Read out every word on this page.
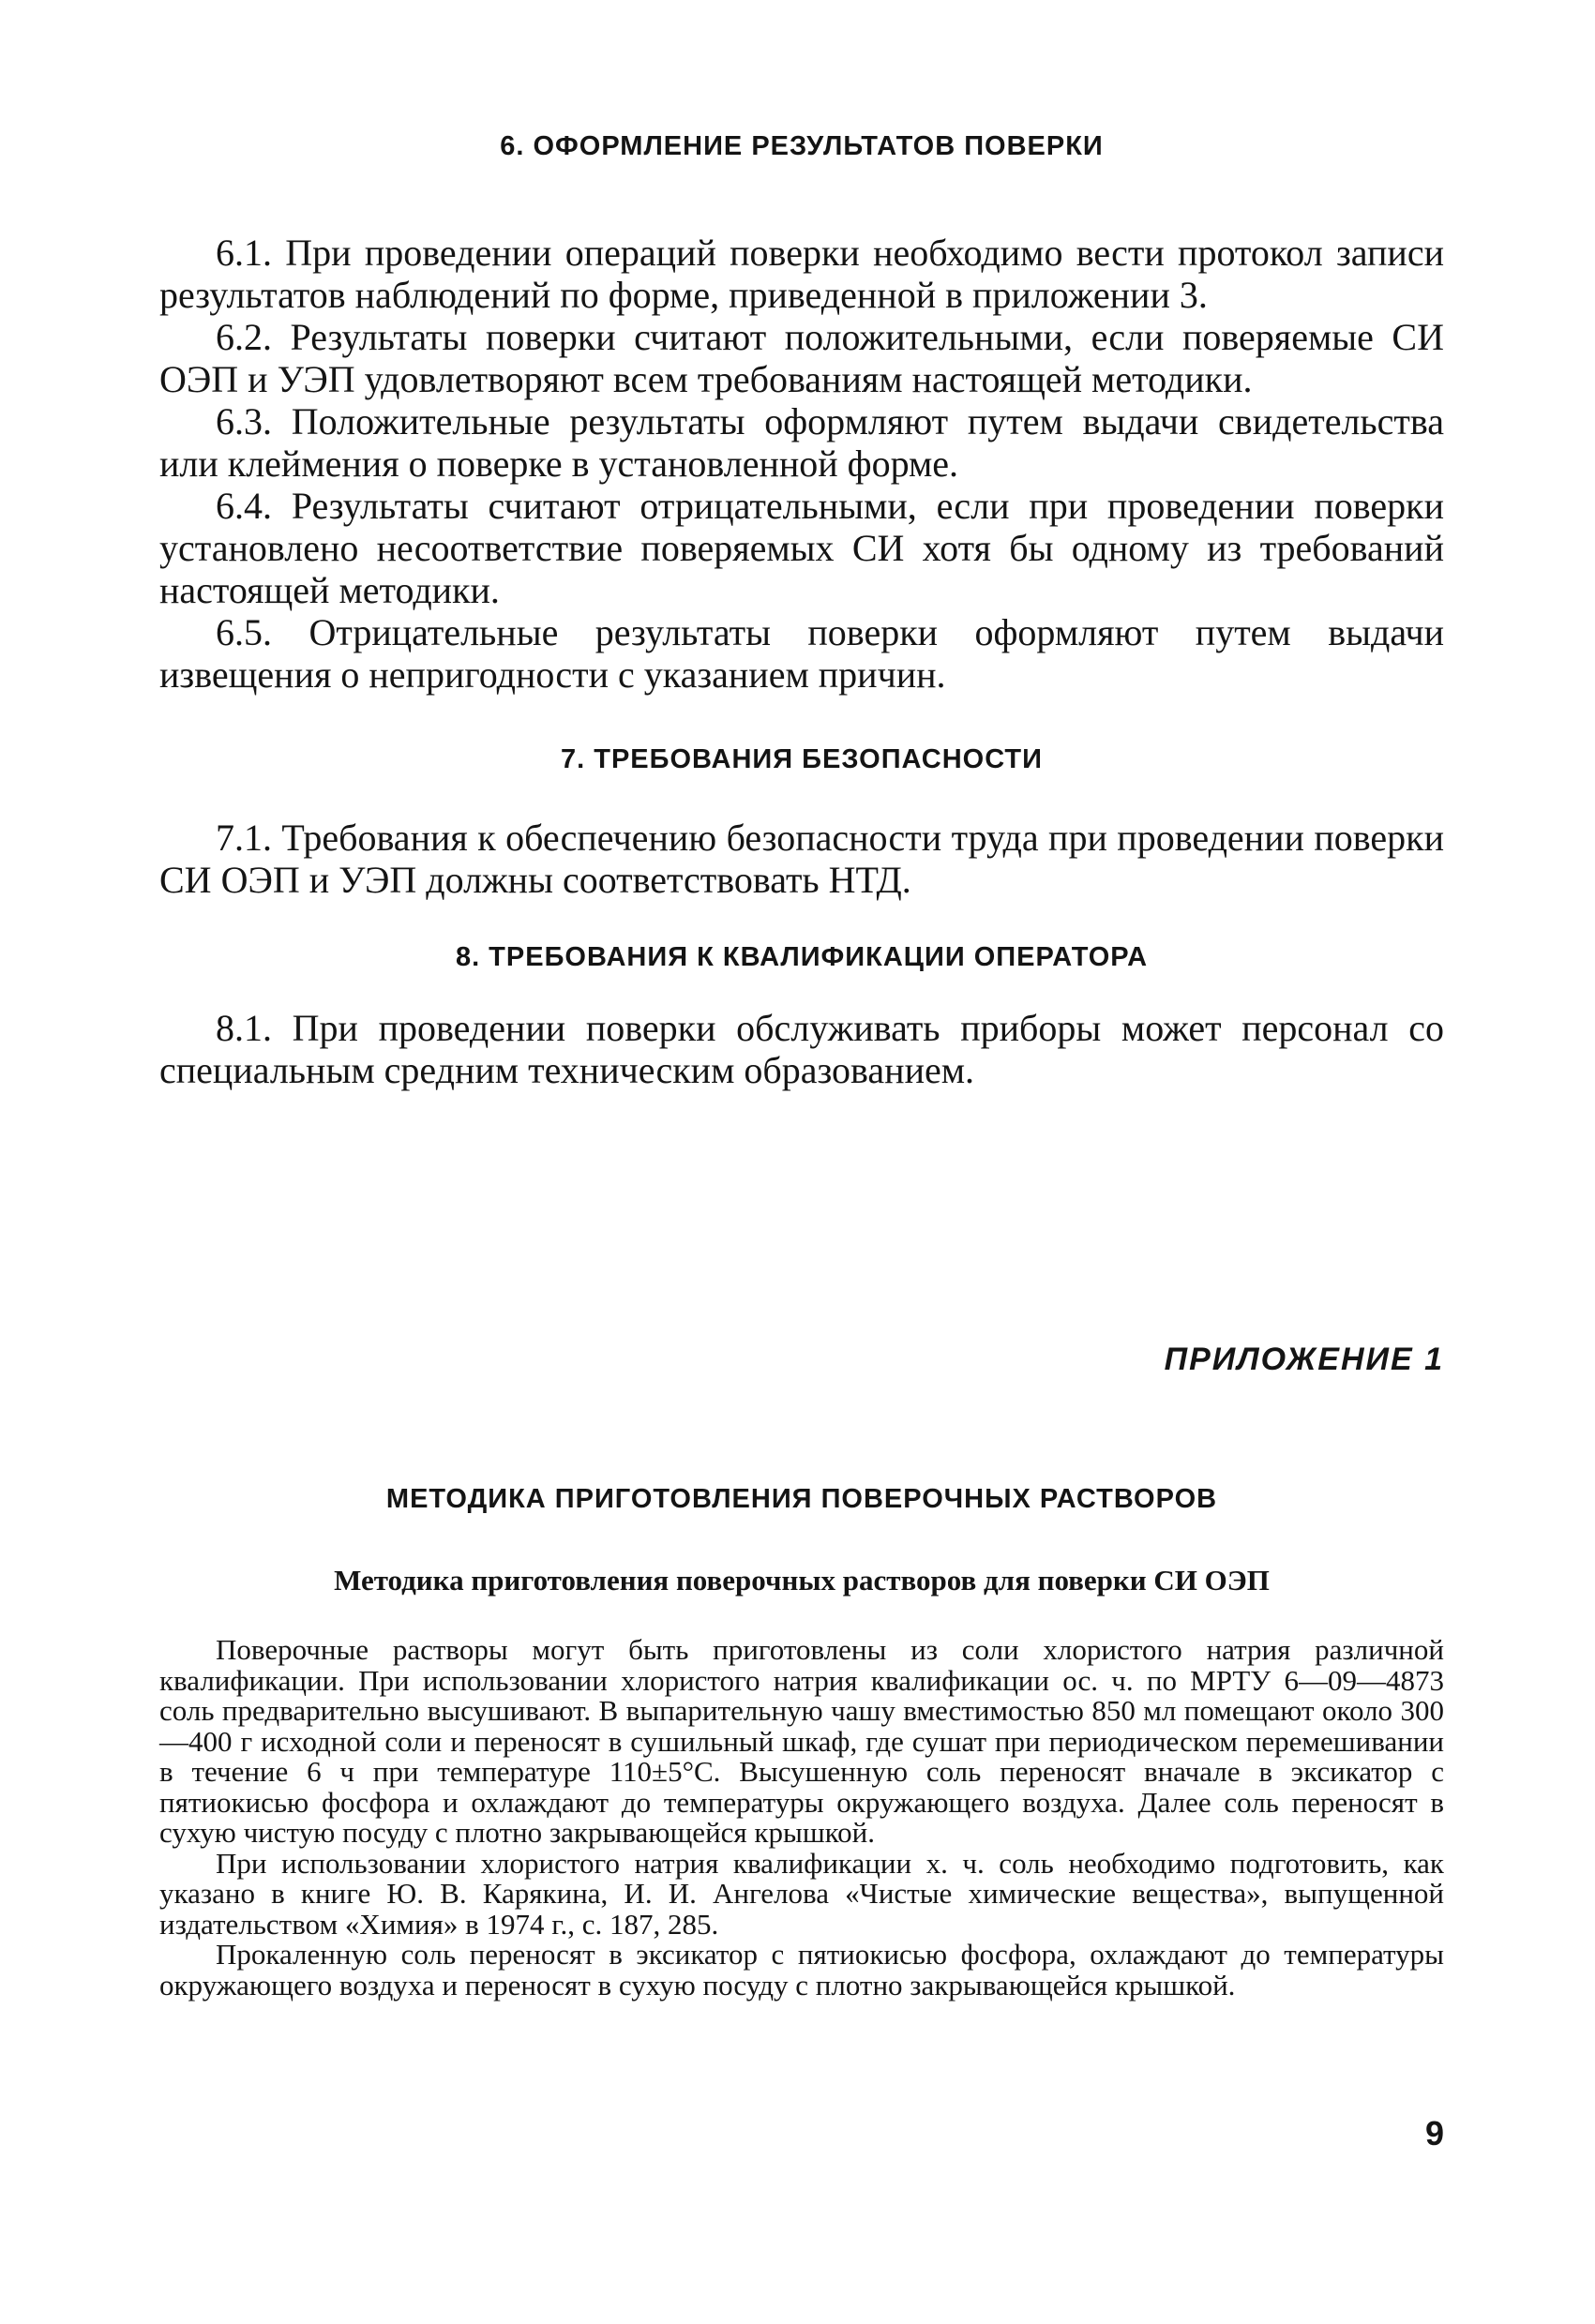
6. ОФОРМЛЕНИЕ РЕЗУЛЬТАТОВ ПОВЕРКИ

6.1. При проведении операций поверки необходимо вести протокол записи результатов наблюдений по форме, приведенной в приложении 3.

6.2. Результаты поверки считают положительными, если поверяемые СИ ОЭП и УЭП удовлетворяют всем требованиям настоящей методики.

6.3. Положительные результаты оформляют путем выдачи свидетельства или клеймения о поверке в установленной форме.

6.4. Результаты считают отрицательными, если при проведении поверки установлено несоответствие поверяемых СИ хотя бы одному из требований настоящей методики.

6.5. Отрицательные результаты поверки оформляют путем выдачи извещения о непригодности с указанием причин.

7. ТРЕБОВАНИЯ БЕЗОПАСНОСТИ

7.1. Требования к обеспечению безопасности труда при проведении поверки СИ ОЭП и УЭП должны соответствовать НТД.

8. ТРЕБОВАНИЯ К КВАЛИФИКАЦИИ ОПЕРАТОРА

8.1. При проведении поверки обслуживать приборы может персонал со специальным средним техническим образованием.

ПРИЛОЖЕНИЕ 1
МЕТОДИКА ПРИГОТОВЛЕНИЯ ПОВЕРОЧНЫХ РАСТВОРОВ
Методика приготовления поверочных растворов для поверки СИ ОЭП

Поверочные растворы могут быть приготовлены из соли хлористого натрия различной квалификации. При использовании хлористого натрия квалификации ос. ч. по МРТУ 6—09—4873 соль предварительно высушивают. В выпарительную чашу вместимостью 850 мл помещают около 300—400 г исходной соли и переносят в сушильный шкаф, где сушат при периодическом перемешивании в течение 6 ч при температуре 110±5°С. Высушенную соль переносят вначале в эксикатор с пятиокисью фосфора и охлаждают до температуры окружающего воздуха. Далее соль переносят в сухую чистую посуду с плотно закрывающейся крышкой.

При использовании хлористого натрия квалификации х. ч. соль необходимо подготовить, как указано в книге Ю. В. Карякина, И. И. Ангелова «Чистые химические вещества», выпущенной издательством «Химия» в 1974 г., с. 187, 285.

Прокаленную соль переносят в эксикатор с пятиокисью фосфора, охлаждают до температуры окружающего воздуха и переносят в сухую посуду с плотно закрывающейся крышкой.

9
